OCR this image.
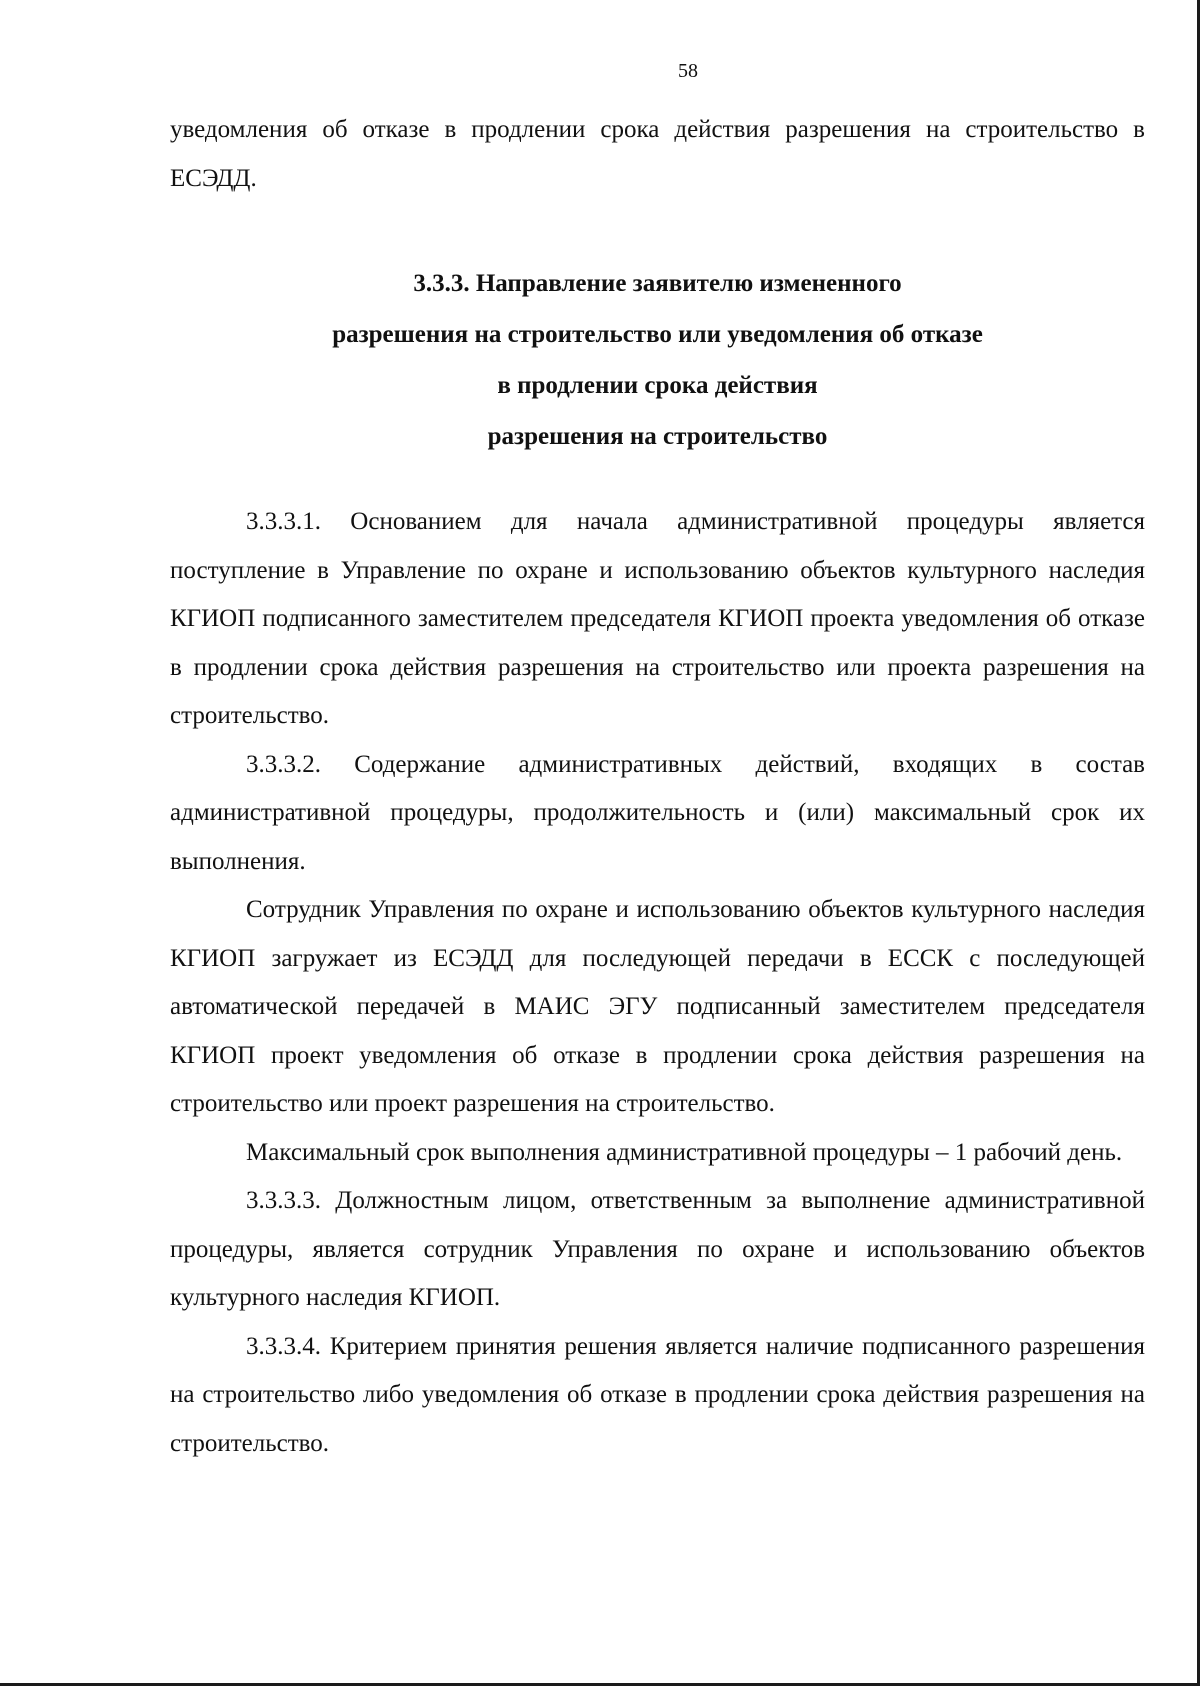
58

уведомления об отказе в продлении срока действия разрешения на строительство в ЕСЭДД.

3.3.3. Направление заявителю измененного
разрешения на строительство или уведомления об отказе
в продлении срока действия
разрешения на строительство

3.3.3.1. Основанием для начала административной процедуры является поступление в Управление по охране и использованию объектов культурного наследия КГИОП подписанного заместителем председателя КГИОП проекта уведомления об отказе в продлении срока действия разрешения на строительство или проекта разрешения на строительство.

3.3.3.2. Содержание административных действий, входящих в состав административной процедуры, продолжительность и (или) максимальный срок их выполнения.

Сотрудник Управления по охране и использованию объектов культурного наследия КГИОП загружает из ЕСЭДД для последующей передачи в ЕССК с последующей автоматической передачей в МАИС ЭГУ подписанный заместителем председателя КГИОП проект уведомления об отказе в продлении срока действия разрешения на строительство или проект разрешения на строительство.

Максимальный срок выполнения административной процедуры – 1 рабочий день.

3.3.3.3. Должностным лицом, ответственным за выполнение административной процедуры, является сотрудник Управления по охране и использованию объектов культурного наследия КГИОП.

3.3.3.4. Критерием принятия решения является наличие подписанного разрешения на строительство либо уведомления об отказе в продлении срока действия разрешения на строительство.
